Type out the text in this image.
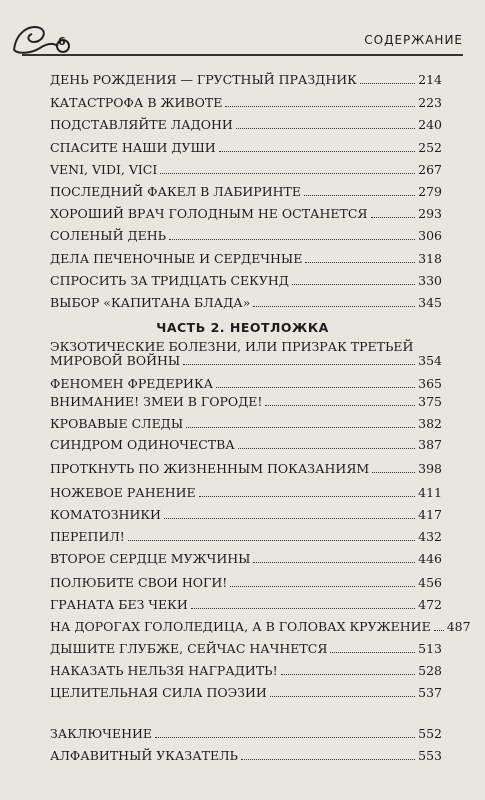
6	СОДЕРЖАНИЕ
ДЕНЬ РОЖДЕНИЯ — ГРУСТНЫЙ ПРАЗДНИК	214
КАТАСТРОФА В ЖИВОТЕ	223
ПОДСТАВЛЯЙТЕ ЛАДОНИ	240
СПАСИТЕ НАШИ ДУШИ	252
VENI, VIDI, VICI	267
ПОСЛЕДНИЙ ФАКЕЛ В ЛАБИРИНТЕ	279
ХОРОШИЙ ВРАЧ ГОЛОДНЫМ НЕ ОСТАНЕТСЯ	293
СОЛЕНЫЙ ДЕНЬ	306
ДЕЛА ПЕЧЕНОЧНЫЕ И СЕРДЕЧНЫЕ	318
СПРОСИТЬ ЗА ТРИДЦАТЬ СЕКУНД	330
ВЫБОР «КАПИТАНА БЛАДА»	345
ЧАСТЬ 2. НЕОТЛОЖКА
ЭКЗОТИЧЕСКИЕ БОЛЕЗНИ, ИЛИ ПРИЗРАК ТРЕТЬЕЙ
МИРОВОЙ ВОЙНЫ	354
ФЕНОМЕН ФРЕДЕРИКА	365
ВНИМАНИЕ! ЗМЕИ В ГОРОДЕ!	375
КРОВАВЫЕ СЛЕДЫ	382
СИНДРОМ ОДИНОЧЕСТВА	387
ПРОТКНУТЬ ПО ЖИЗНЕННЫМ ПОКАЗАНИЯМ	398
НОЖЕВОЕ РАНЕНИЕ	411
КОМАТОЗНИКИ	417
ПЕРЕПИЛ!	432
ВТОРОЕ СЕРДЦЕ МУЖЧИНЫ	446
ПОЛЮБИТЕ СВОИ НОГИ!	456
ГРАНАТА БЕЗ ЧЕКИ	472
НА ДОРОГАХ ГОЛОЛЕДИЦА, А В ГОЛОВАХ КРУЖЕНИЕ 487
ДЫШИТЕ ГЛУБЖЕ, СЕЙЧАС НАЧНЕТСЯ	513
НАКАЗАТЬ НЕЛЬЗЯ НАГРАДИТЬ!	528
ЦЕЛИТЕЛЬНАЯ СИЛА ПОЭЗИИ	537
ЗАКЛЮЧЕНИЕ	552
АЛФАВИТНЫЙ УКАЗАТЕЛЬ	553
